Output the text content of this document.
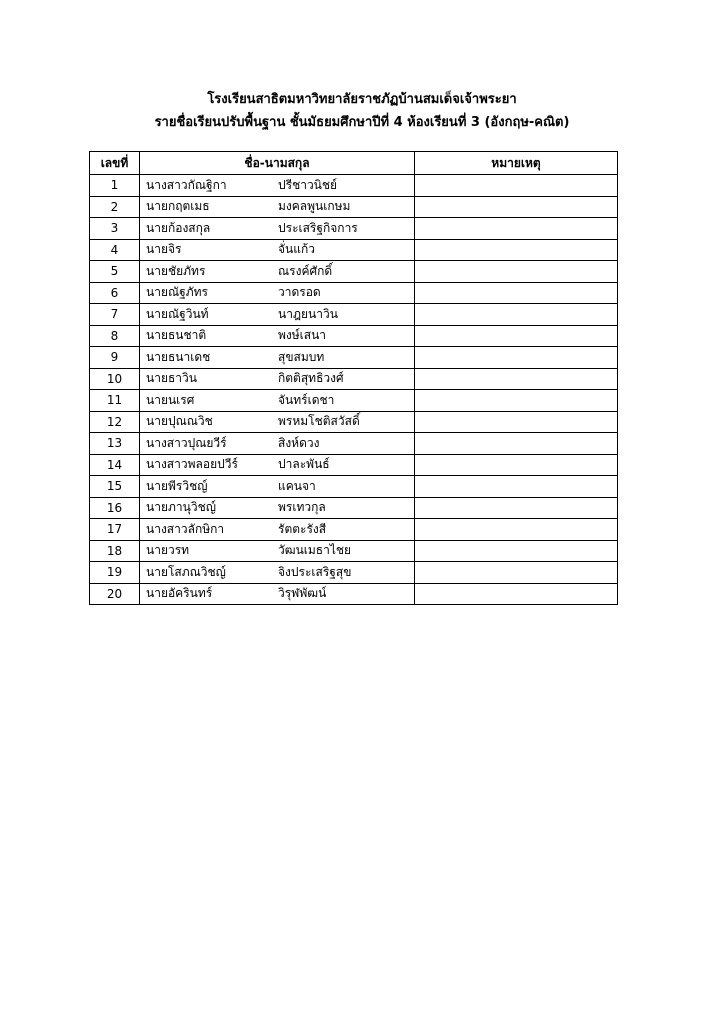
โรงเรียนสาธิตมหาวิทยาลัยราชภัฏบ้านสมเด็จเจ้าพระยา
รายชื่อเรียนปรับพื้นฐาน ชั้นมัธยมศึกษาปีที่ 4 ห้องเรียนที่ 3 (อังกฤษ-คณิต)
เลขที่	ชื่อ-นามสกุล	หมายเหตุ
1	นางสาวกัณฐิกา ปรีชาวนิชย์	
2	นายกฤตเมธ มงคลพูนเกษม	
3	นายก้องสกุล ประเสริฐกิจการ	
4	นายจิร จั่นแก้ว	
5	นายชัยภัทร ณรงค์ศักดิ์	
6	นายณัฐภัทร วาดรอด	
7	นายณัฐวินท์ นาฎยนาวิน	
8	นายธนชาติ พงษ์เสนา	
9	นายธนาเดช สุขสมบท	
10	นายธาวิน กิตติสุทธิวงศ์	
11	นายนเรศ จันทร์เดชา	
12	นายปุณณวิช พรหมโชติสวัสดิ์	
13	นางสาวปุณยวีร์ สิงห์ดวง	
14	นางสาวพลอยปวีร์ ปาละพันธ์	
15	นายพีรวิชญ์ แคนจา	
16	นายภานุวิชญ์ พรเทวกุล	
17	นางสาวลักษิกา รัตตะรังสี	
18	นายวรท วัฒนเมธาไชย	
19	นายโสภณวิชญ์ จิงประเสริฐสุข	
20	นายอัครินทร์ วิรุฬพัฒน์	
